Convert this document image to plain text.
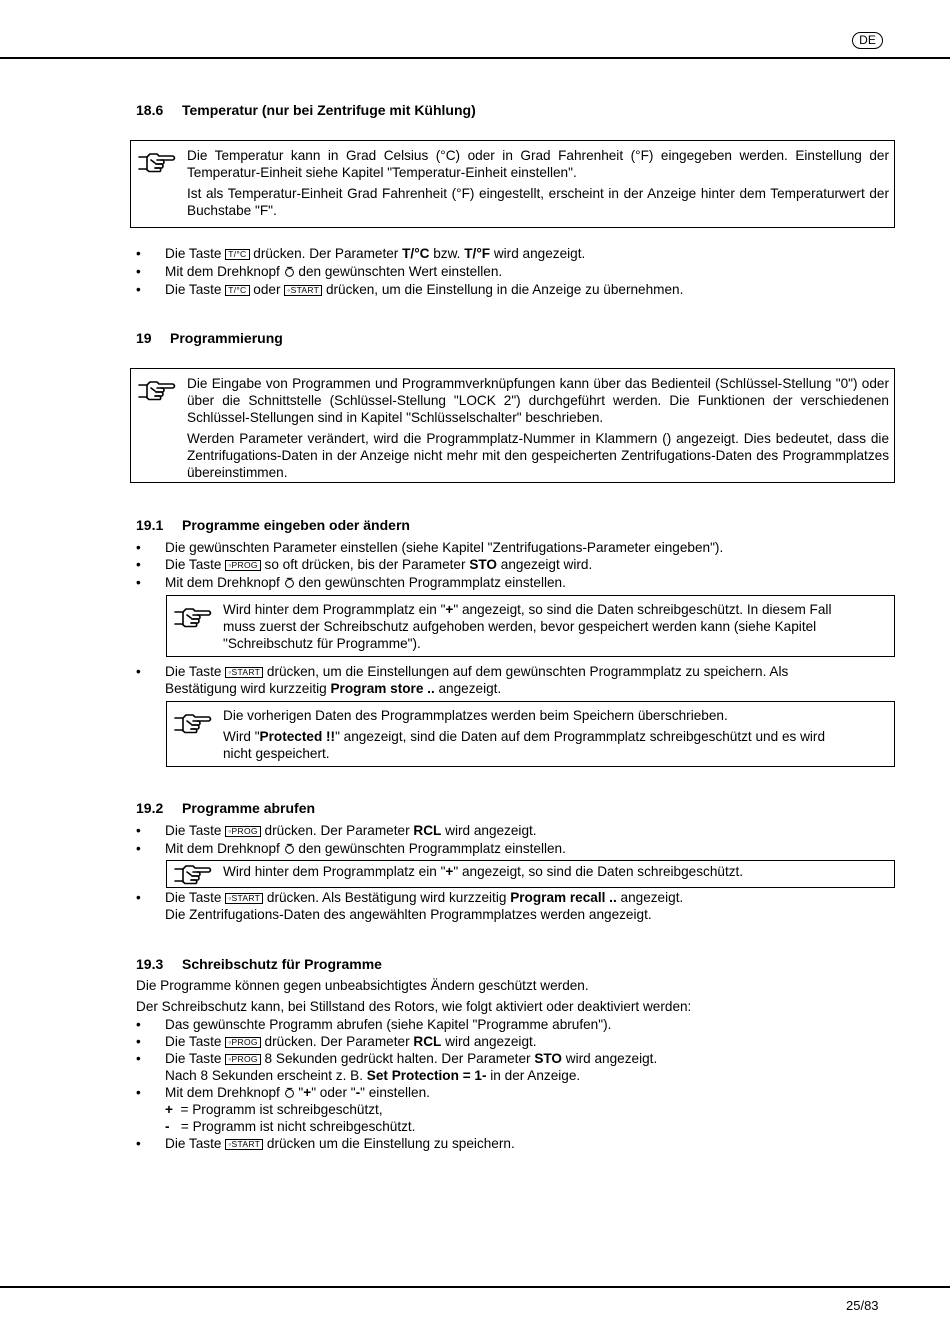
DE
18.6 Temperatur (nur bei Zentrifuge mit Kühlung)

Die Temperatur kann in Grad Celsius (°C) oder in Grad Fahrenheit (°F) eingegeben werden. Einstellung der Temperatur-Einheit siehe Kapitel "Temperatur-Einheit einstellen".

Ist als Temperatur-Einheit Grad Fahrenheit (°F) eingestellt, erscheint in der Anzeige hinter dem Temperaturwert der Buchstabe "F".

• Die Taste T/°C drücken. Der Parameter T/°C bzw. T/°F wird angezeigt.
• Mit dem Drehknopf  den gewünschten Wert einstellen.
• Die Taste T/°C oder ◦START drücken, um die Einstellung in die Anzeige zu übernehmen.
19 Programmierung

Die Eingabe von Programmen und Programmverknüpfungen kann über das Bedienteil (Schlüssel-Stellung "0") oder über die Schnittstelle (Schlüssel-Stellung "LOCK 2") durchgeführt werden. Die Funktionen der verschiedenen Schlüssel-Stellungen sind in Kapitel "Schlüsselschalter" beschrieben.

Werden Parameter verändert, wird die Programmplatz-Nummer in Klammern () angezeigt. Dies bedeutet, dass die Zentrifugations-Daten in der Anzeige nicht mehr mit den gespeicherten Zentrifugations-Daten des Programmplatzes übereinstimmen.

19.1 Programme eingeben oder ändern
• Die gewünschten Parameter einstellen (siehe Kapitel "Zentrifugations-Parameter eingeben").
• Die Taste ◦PROG so oft drücken, bis der Parameter STO angezeigt wird.
• Mit dem Drehknopf  den gewünschten Programmplatz einstellen.
Wird hinter dem Programmplatz ein "+" angezeigt, so sind die Daten schreibgeschützt. In diesem Fall
muss zuerst der Schreibschutz aufgehoben werden, bevor gespeichert werden kann (siehe Kapitel
"Schreibschutz für Programme").
• Die Taste ◦START drücken, um die Einstellungen auf dem gewünschten Programmplatz zu speichern. Als
Bestätigung wird kurzzeitig Program store .. angezeigt.
Die vorherigen Daten des Programmplatzes werden beim Speichern überschrieben.
Wird "Protected !!" angezeigt, sind die Daten auf dem Programmplatz schreibgeschützt und es wird
nicht gespeichert.
19.2 Programme abrufen
• Die Taste ◦PROG drücken. Der Parameter RCL wird angezeigt.
• Mit dem Drehknopf  den gewünschten Programmplatz einstellen.
Wird hinter dem Programmplatz ein "+" angezeigt, so sind die Daten schreibgeschützt.
• Die Taste ◦START drücken. Als Bestätigung wird kurzzeitig Program recall .. angezeigt.
Die Zentrifugations-Daten des angewählten Programmplatzes werden angezeigt.
19.3 Schreibschutz für Programme
Die Programme können gegen unbeabsichtigtes Ändern geschützt werden.
Der Schreibschutz kann, bei Stillstand des Rotors, wie folgt aktiviert oder deaktiviert werden:
• Das gewünschte Programm abrufen (siehe Kapitel "Programme abrufen").
• Die Taste ◦PROG drücken. Der Parameter RCL wird angezeigt.
• Die Taste ◦PROG 8 Sekunden gedrückt halten. Der Parameter STO wird angezeigt.
Nach 8 Sekunden erscheint z. B. Set Protection = 1- in der Anzeige.
• Mit dem Drehknopf  "+" oder "-" einstellen.
+  = Programm ist schreibgeschützt,
-   = Programm ist nicht schreibgeschützt.
• Die Taste ◦START drücken um die Einstellung zu speichern.
25/83
